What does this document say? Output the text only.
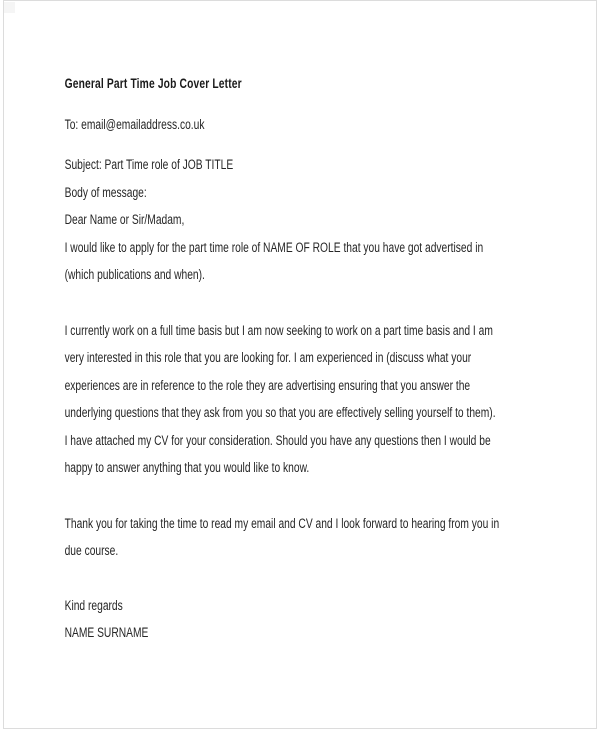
General Part Time Job Cover Letter
To: email@emailaddress.co.uk
Subject: Part Time role of JOB TITLE
Body of message:
Dear Name or Sir/Madam,
I would like to apply for the part time role of NAME OF ROLE that you have got advertised in
(which publications and when).
I currently work on a full time basis but I am now seeking to work on a part time basis and I am
very interested in this role that you are looking for. I am experienced in (discuss what your
experiences are in reference to the role they are advertising ensuring that you answer the
underlying questions that they ask from you so that you are effectively selling yourself to them).
I have attached my CV for your consideration. Should you have any questions then I would be
happy to answer anything that you would like to know.
Thank you for taking the time to read my email and CV and I look forward to hearing from you in
due course.
Kind regards
NAME SURNAME
